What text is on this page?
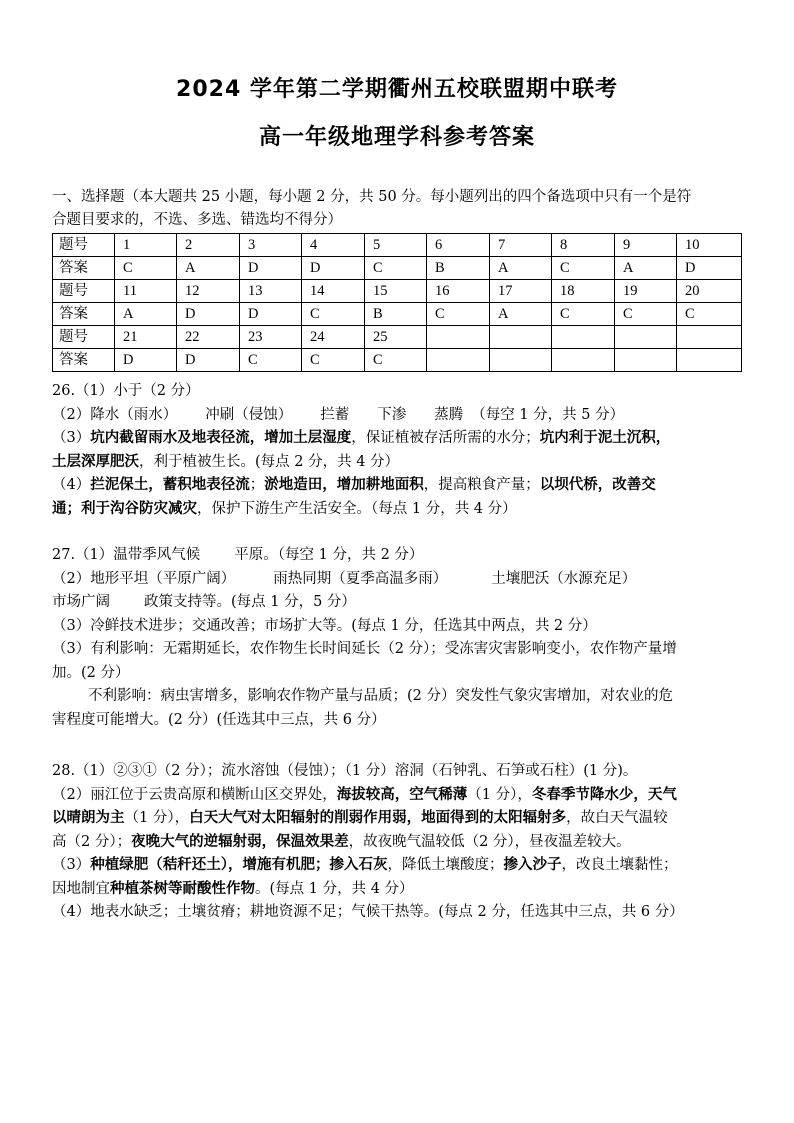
2024 学年第二学期衢州五校联盟期中联考
高一年级地理学科参考答案
一、选择题（本大题共 25 小题，每小题 2 分，共 50 分。每小题列出的四个备选项中只有一个是符
合题目要求的，不选、多选、错选均不得分）
题号	1	2	3	4	5	6	7	8	9	10
答案	C	A	D	D	C	B	A	C	A	D
题号	11	12	13	14	15	16	17	18	19	20
答案	A	D	D	C	B	C	A	C	C	C
题号	21	22	23	24	25					
答案	D	D	C	C	C					
26.（1）小于（2 分）
（2）降水（雨水） 冲刷（侵蚀） 拦蓄 下渗 蒸腾 （每空 1 分，共 5 分）
（3）坑内截留雨水及地表径流，增加土层湿度，保证植被存活所需的水分；坑内利于泥土沉积，
土层深厚肥沃，利于植被生长。(每点 2 分，共 4 分）
（4）拦泥保土，蓄积地表径流；淤地造田，增加耕地面积，提高粮食产量；以坝代桥，改善交
通；利于沟谷防灾减灾，保护下游生产生活安全。（每点 1 分，共 4 分）
27.（1）温带季风气候 平原。（每空 1 分，共 2 分）
（2）地形平坦（平原广阔）	雨热同期（夏季高温多雨）	土壤肥沃（水源充足）
市场广阔 政策支持等。(每点 1 分，5 分）
（3）冷鲜技术进步；交通改善；市场扩大等。(每点 1 分，任选其中两点，共 2 分）
（3）有利影响：无霜期延长，农作物生长时间延长（2 分）；受冻害灾害影响变小，农作物产量增
加。(2 分）
不利影响：病虫害增多，影响农作物产量与品质；(2 分）突发性气象灾害增加，对农业的危
害程度可能增大。(2 分）(任选其中三点，共 6 分）
28.（1）②③①（2 分）；流水溶蚀（侵蚀）；（1 分）溶洞（石钟乳、石笋或石柱）(1 分)。
（2）丽江位于云贵高原和横断山区交界处，海拔较高，空气稀薄（1 分），冬春季节降水少，天气
以晴朗为主（1 分），白天大气对太阳辐射的削弱作用弱，地面得到的太阳辐射多，故白天气温较
高（2 分）；夜晚大气的逆辐射弱，保温效果差，故夜晚气温较低（2 分），昼夜温差较大。
（3）种植绿肥（秸秆还土），增施有机肥；掺入石灰，降低土壤酸度；掺入沙子，改良土壤黏性；
因地制宜种植茶树等耐酸性作物。(每点 1 分，共 4 分）
（4）地表水缺乏；土壤贫瘠；耕地资源不足；气候干热等。(每点 2 分，任选其中三点，共 6 分）
